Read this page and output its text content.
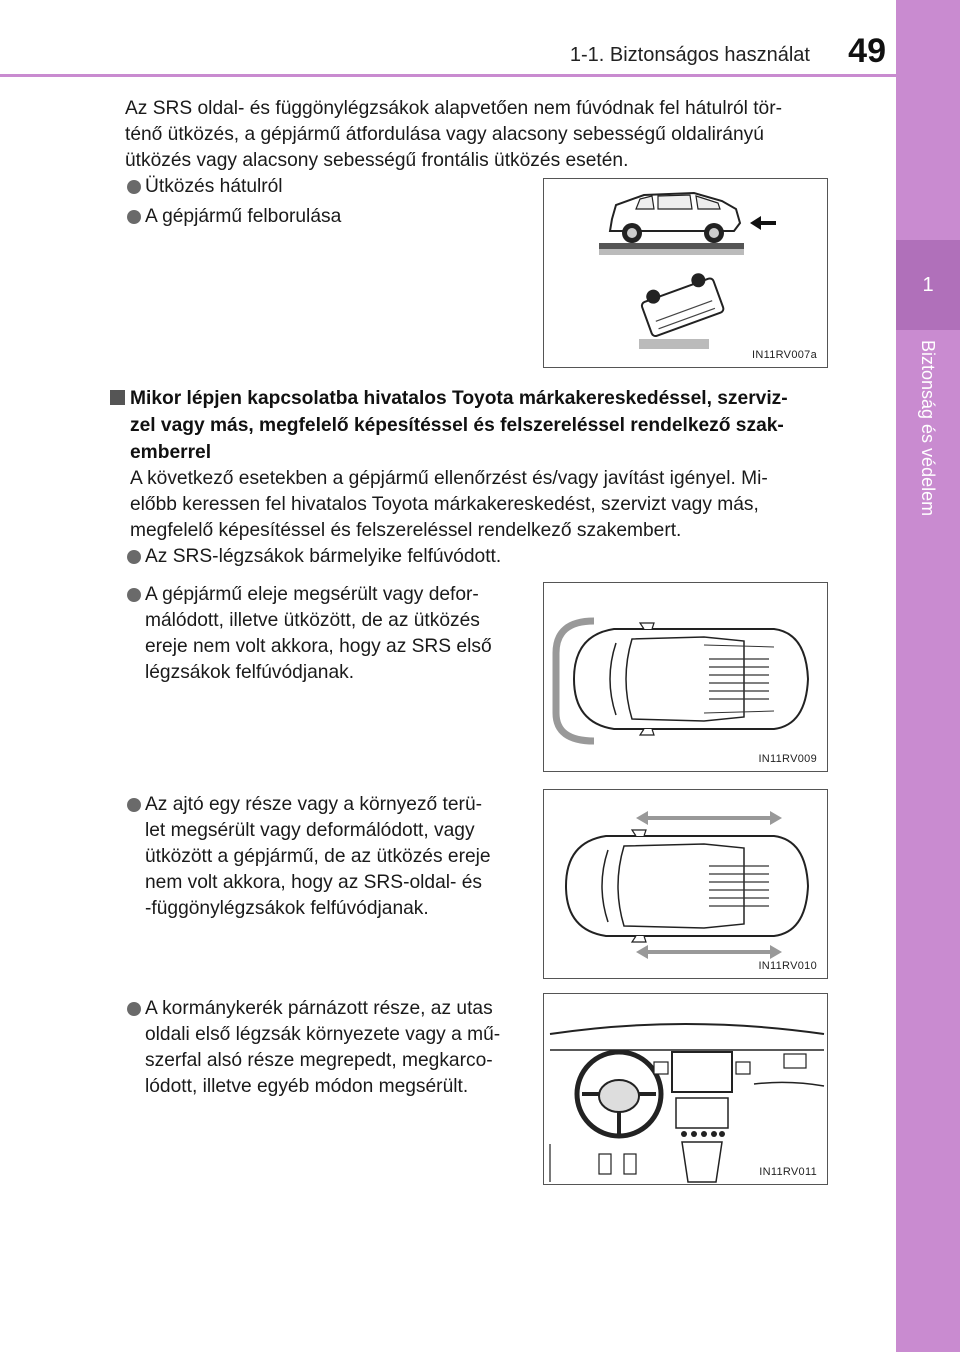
1-1. Biztonságos használat	49
1
Biztonság és védelem
Az SRS oldal- és függönylégzsákok alapvetően nem fúvódnak fel hátulról tör-
ténő ütközés, a gépjármű átfordulása vagy alacsony sebességű oldalirányú
ütközés vagy alacsony sebességű frontális ütközés esetén.
Ütközés hátulról
A gépjármű felborulása
IN11RV007a
Mikor lépjen kapcsolatba hivatalos Toyota márkakereskedéssel, szerviz-
zel vagy más, megfelelő képesítéssel és felszereléssel rendelkező szak-
emberrel
A következő esetekben a gépjármű ellenőrzést és/vagy javítást igényel. Mi-
előbb keressen fel hivatalos Toyota márkakereskedést, szervizt vagy más,
megfelelő képesítéssel és felszereléssel rendelkező szakembert.
Az SRS-légzsákok bármelyike felfúvódott.
A gépjármű eleje megsérült vagy defor-
málódott, illetve ütközött, de az ütközés
ereje nem volt akkora, hogy az SRS első
légzsákok felfúvódjanak.
IN11RV009
Az ajtó egy része vagy a környező terü-
let megsérült vagy deformálódott, vagy
ütközött a gépjármű, de az ütközés ereje
nem volt akkora, hogy az SRS-oldal- és
-függönylégzsákok felfúvódjanak.
IN11RV010
A kormánykerék párnázott része, az utas
oldali első légzsák környezete vagy a mű-
szerfal alsó része megrepedt, megkarco-
lódott, illetve egyéb módon megsérült.
IN11RV011
